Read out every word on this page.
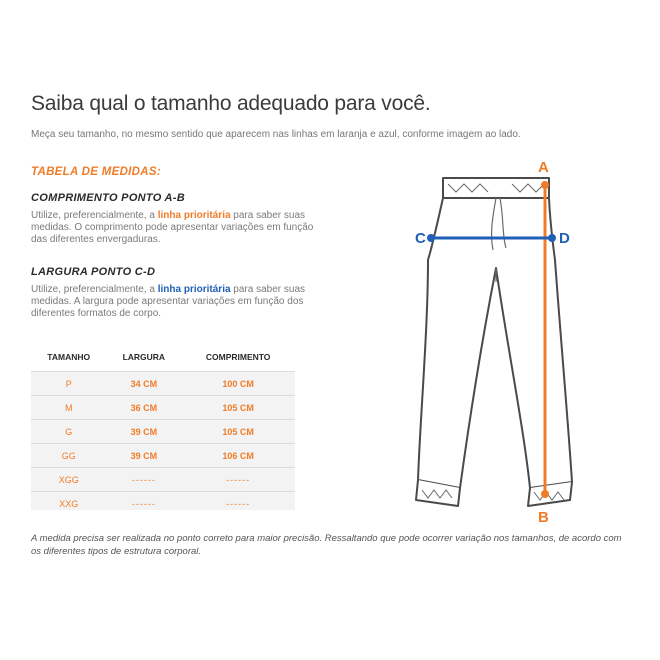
Saiba qual o tamanho adequado para você.
Meça seu tamanho, no mesmo sentido que aparecem nas linhas em laranja e azul, conforme imagem ao lado.
TABELA DE MEDIDAS:
COMPRIMENTO PONTO A-B
Utilize, preferencialmente, a linha prioritária para saber suas medidas. O comprimento pode apresentar variações em função das diferentes envergaduras.
LARGURA PONTO C-D
Utilize, preferencialmente, a linha prioritária para saber suas medidas. A largura pode apresentar variações em função dos diferentes formatos de corpo.
TAMANHO	LARGURA	COMPRIMENTO
P	34 CM	100 CM
M	36 CM	105 CM
G	39 CM	105 CM
GG	39 CM	106 CM
XGG	------	------
XXG	------	------
A
B
C	D
A medida precisa ser realizada no ponto correto para maior precisão. Ressaltando que pode ocorrer variação nos tamanhos, de acordo com os diferentes tipos de estrutura corporal.
